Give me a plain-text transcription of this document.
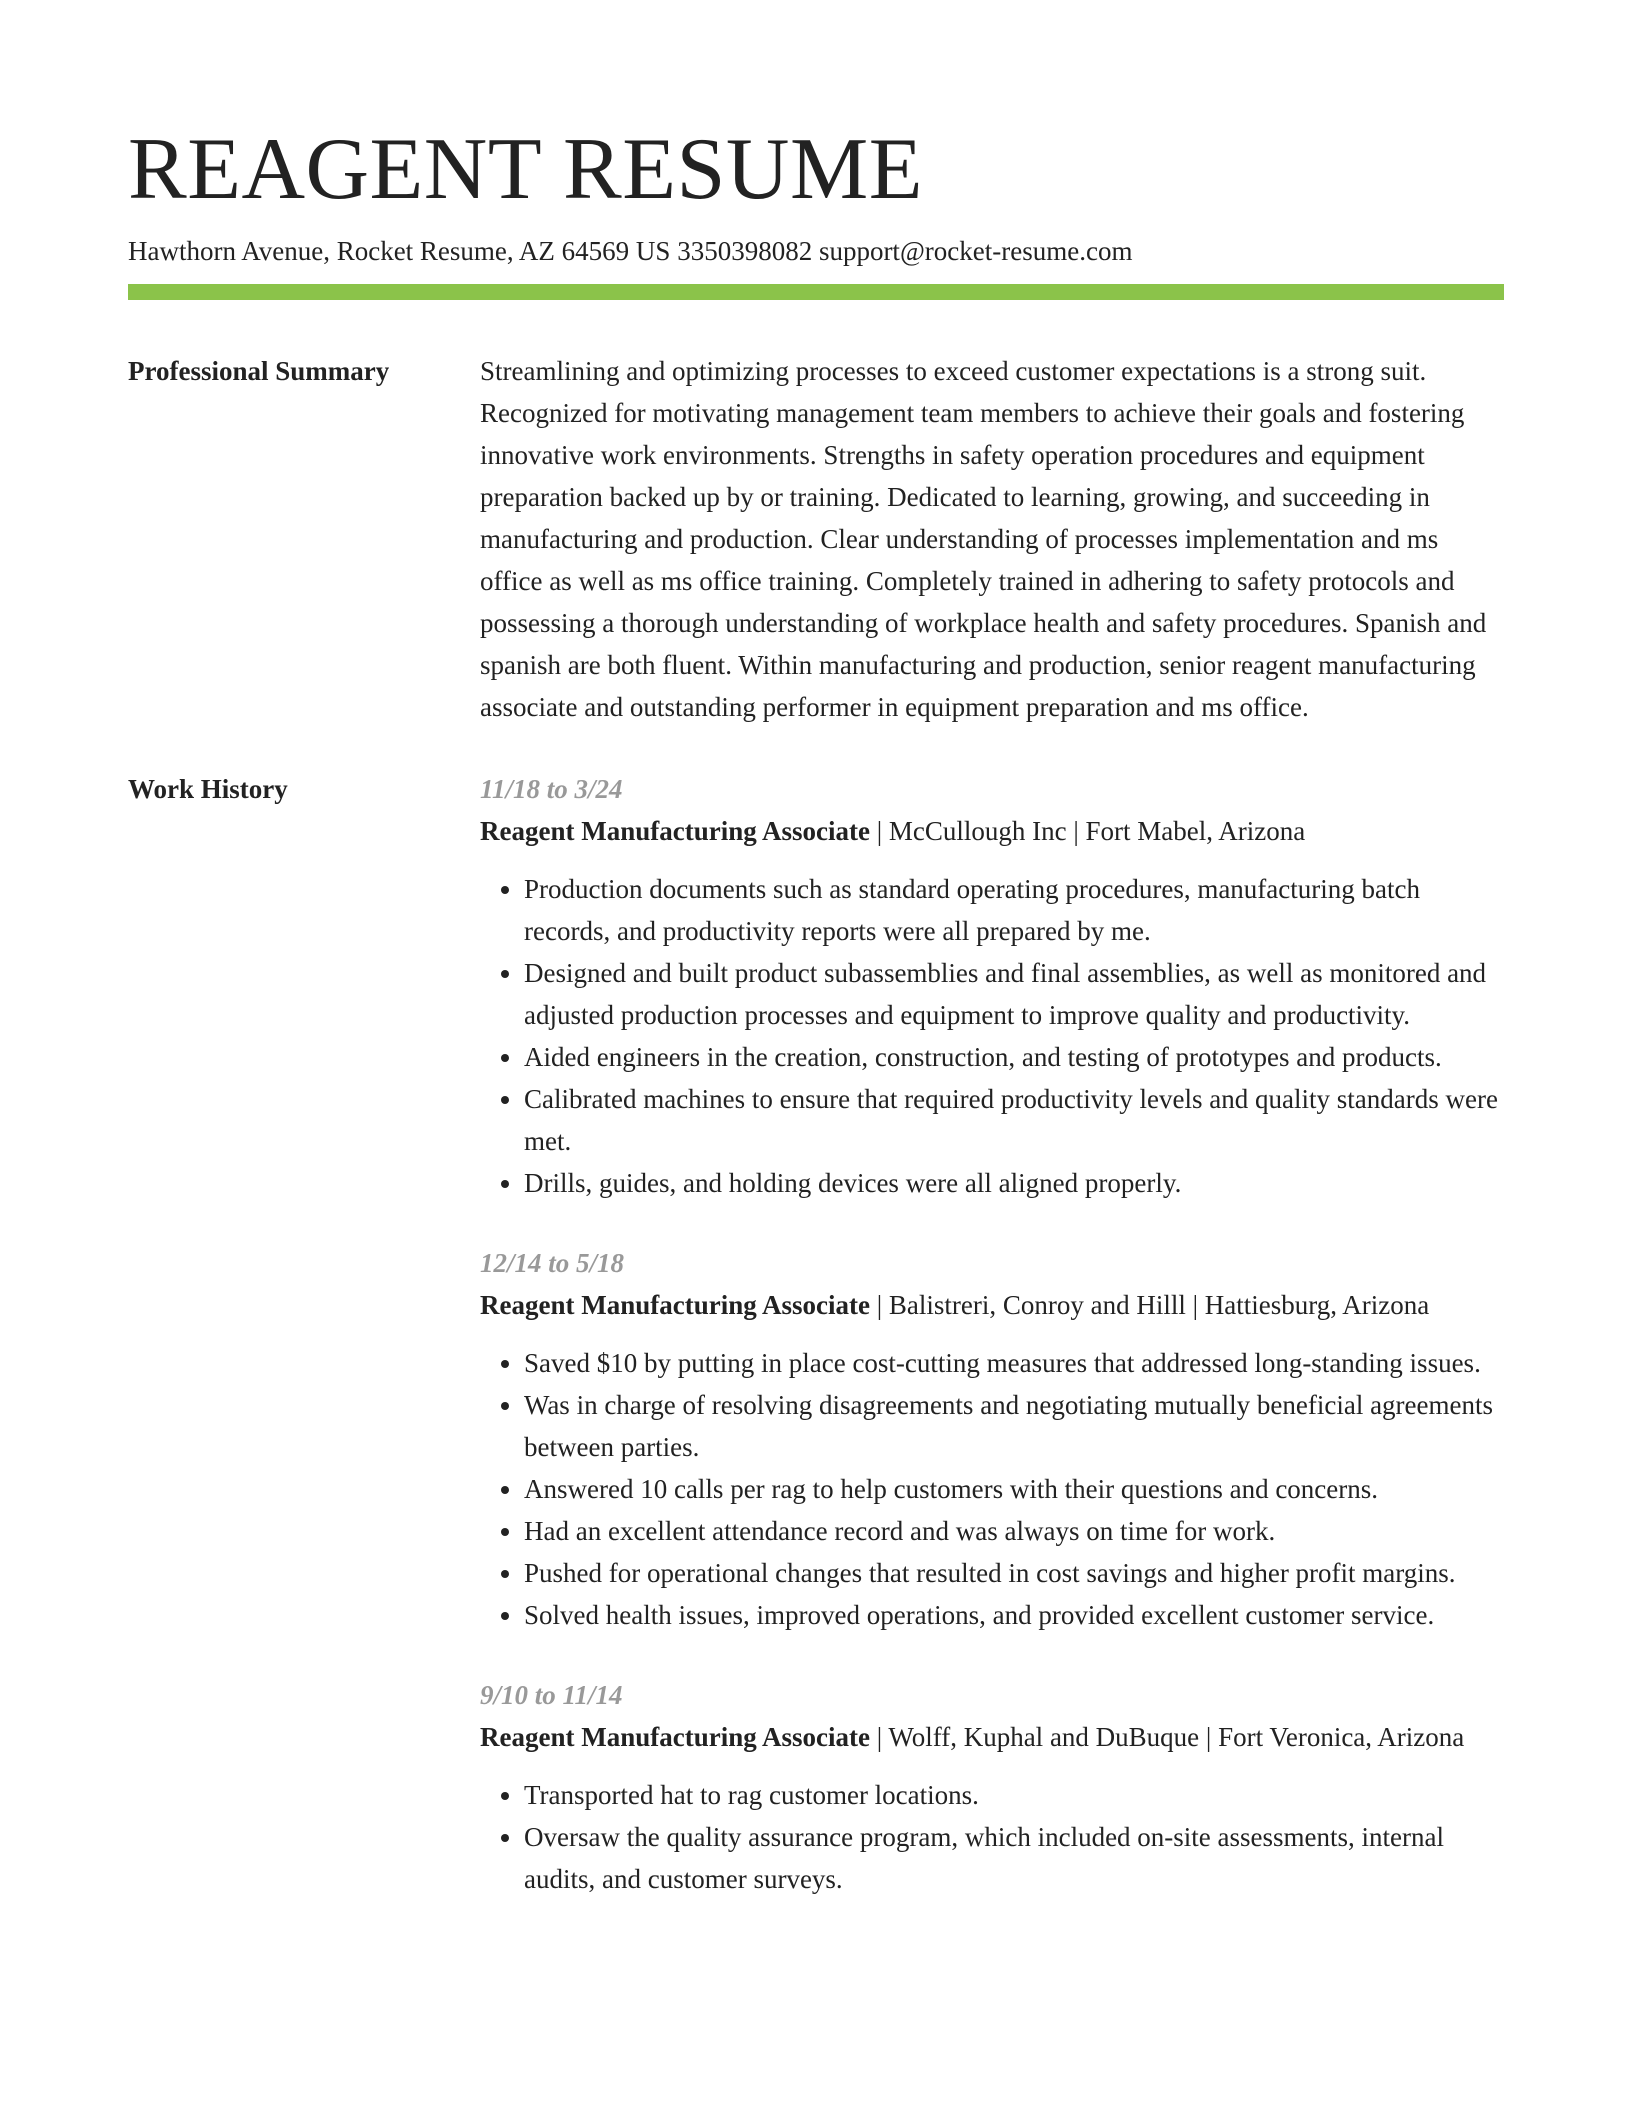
REAGENT RESUME
Hawthorn Avenue, Rocket Resume, AZ 64569 US 3350398082 support@rocket-resume.com
Professional Summary	Streamlining and optimizing processes to exceed customer expectations is a strong suit. Recognized for motivating management team members to achieve their goals and fostering innovative work environments. Strengths in safety operation procedures and equipment preparation backed up by or training. Dedicated to learning, growing, and succeeding in manufacturing and production. Clear understanding of processes implementation and ms office as well as ms office training. Completely trained in adhering to safety protocols and possessing a thorough understanding of workplace health and safety procedures. Spanish and spanish are both fluent. Within manufacturing and production, senior reagent manufacturing associate and outstanding performer in equipment preparation and ms office.

Work History	11/18 to 3/24
Reagent Manufacturing Associate | McCullough Inc | Fort Mabel, Arizona
• Production documents such as standard operating procedures, manufacturing batch records, and productivity reports were all prepared by me.
• Designed and built product subassemblies and final assemblies, as well as monitored and adjusted production processes and equipment to improve quality and productivity.
• Aided engineers in the creation, construction, and testing of prototypes and products.
• Calibrated machines to ensure that required productivity levels and quality standards were met.
• Drills, guides, and holding devices were all aligned properly.
12/14 to 5/18
Reagent Manufacturing Associate | Balistreri, Conroy and Hilll | Hattiesburg, Arizona
• Saved $10 by putting in place cost-cutting measures that addressed long-standing issues.
• Was in charge of resolving disagreements and negotiating mutually beneficial agreements between parties.
• Answered 10 calls per rag to help customers with their questions and concerns.
• Had an excellent attendance record and was always on time for work.
• Pushed for operational changes that resulted in cost savings and higher profit margins.
• Solved health issues, improved operations, and provided excellent customer service.
9/10 to 11/14
Reagent Manufacturing Associate | Wolff, Kuphal and DuBuque | Fort Veronica, Arizona
• Transported hat to rag customer locations.
• Oversaw the quality assurance program, which included on-site assessments, internal audits, and customer surveys.
